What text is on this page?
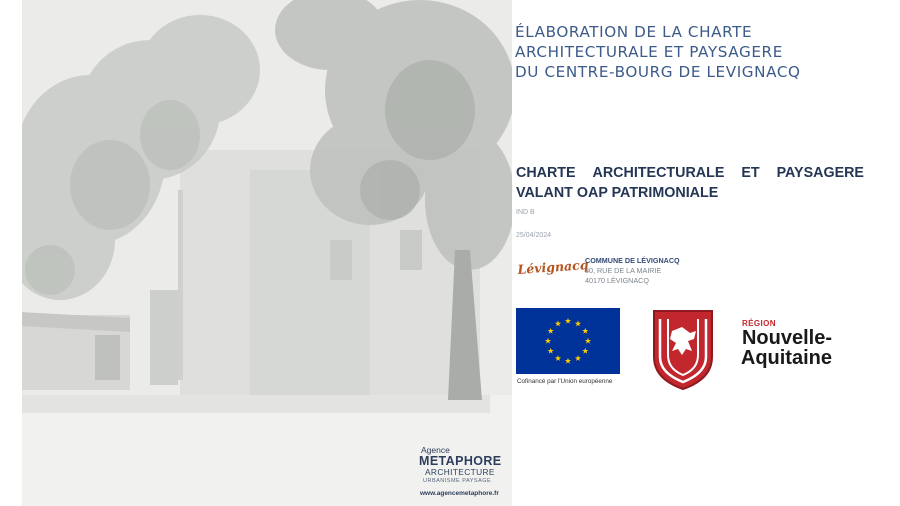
ÉLABORATION DE LA CHARTE
ARCHITECTURALE ET PAYSAGERE
DU CENTRE-BOURG DE LEVIGNACQ
CHARTE ARCHITECTURALE ET PAYSAGERE
VALANT OAP PATRIMONIALE
IND B
25/04/2024
Lévignacq
COMMUNE DE LÉVIGNACQ
80, RUE DE LA MAIRIE
40170 LÉVIGNACQ
Cofinancé par l'Union européenne
RÉGION
Nouvelle-
Aquitaine
Agence
METAPHORE
ARCHITECTURE
URBANISME PAYSAGE
www.agencemetaphore.fr
